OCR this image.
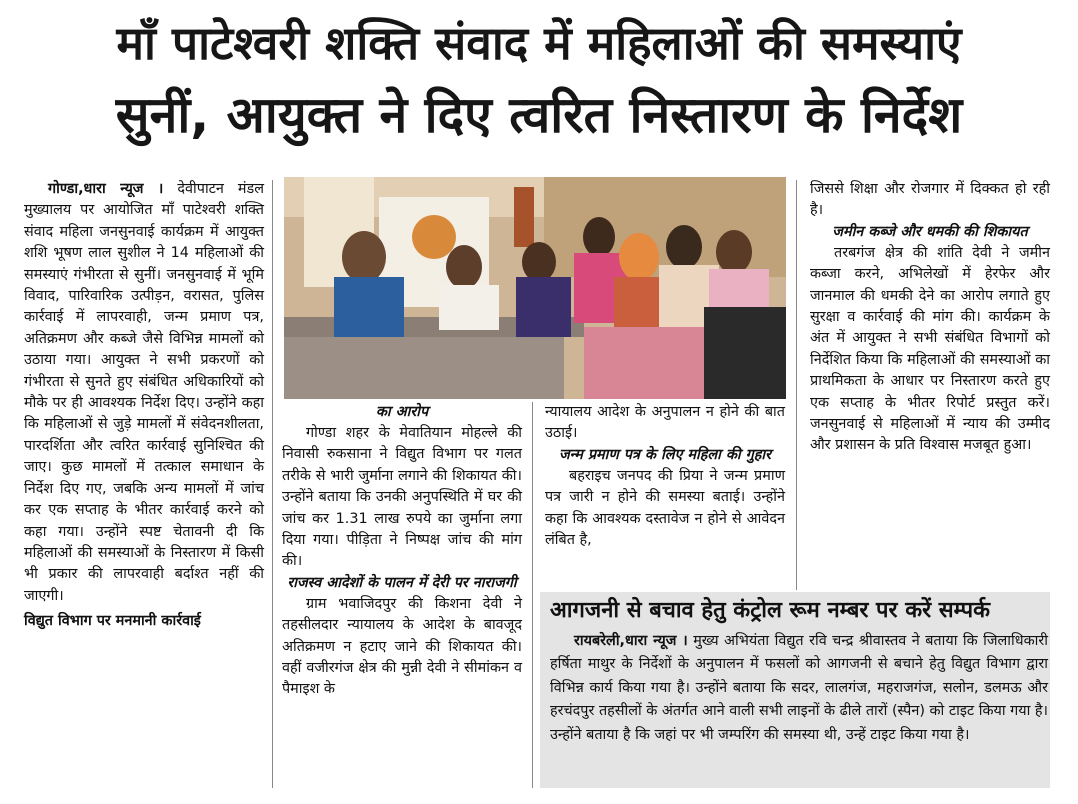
माँ पाटेश्वरी शक्ति संवाद में महिलाओं की समस्याएं
सुनीं, आयुक्त ने दिए त्वरित निस्तारण के निर्देश

गोण्डा,धारा न्यूज । देवीपाटन मंडल मुख्यालय पर आयोजित माँ पाटेश्वरी शक्ति संवाद महिला जनसुनवाई कार्यक्रम में आयुक्त शशि भूषण लाल सुशील ने 14 महिलाओं की समस्याएं गंभीरता से सुनीं। जनसुनवाई में भूमि विवाद, पारिवारिक उत्पीड़न, वरासत, पुलिस कार्रवाई में लापरवाही, जन्म प्रमाण पत्र, अतिक्रमण और कब्जे जैसे विभिन्न मामलों को उठाया गया। आयुक्त ने सभी प्रकरणों को गंभीरता से सुनते हुए संबंधित अधिकारियों को मौके पर ही आवश्यक निर्देश दिए। उन्होंने कहा कि महिलाओं से जुड़े मामलों में संवेदनशीलता, पारदर्शिता और त्वरित कार्रवाई सुनिश्चित की जाए। कुछ मामलों में तत्काल समाधान के निर्देश दिए गए, जबकि अन्य मामलों में जांच कर एक सप्ताह के भीतर कार्रवाई करने को कहा गया। उन्होंने स्पष्ट चेतावनी दी कि महिलाओं की समस्याओं के निस्तारण में किसी भी प्रकार की लापरवाही बर्दाश्त नहीं की जाएगी।

विद्युत विभाग पर मनमानी कार्रवाई

का आरोप

गोण्डा शहर के मेवातियान मोहल्ले की निवासी रुकसाना ने विद्युत विभाग पर गलत तरीके से भारी जुर्माना लगाने की शिकायत की। उन्होंने बताया कि उनकी अनुपस्थिति में घर की जांच कर 1.31 लाख रुपये का जुर्माना लगा दिया गया। पीड़िता ने निष्पक्ष जांच की मांग की।

राजस्व आदेशों के पालन में देरी पर नाराजगी

ग्राम भवाजिदपुर की किशना देवी ने तहसीलदार न्यायालय के आदेश के बावजूद अतिक्रमण न हटाए जाने की शिकायत की। वहीं वजीरगंज क्षेत्र की मुन्नी देवी ने सीमांकन व पैमाइश के

न्यायालय आदेश के अनुपालन न होने की बात उठाई।

जन्म प्रमाण पत्र के लिए महिला की गुहार

बहराइच जनपद की प्रिया ने जन्म प्रमाण पत्र जारी न होने की समस्या बताई। उन्होंने कहा कि आवश्यक दस्तावेज न होने से आवेदन लंबित है,

जिससे शिक्षा और रोजगार में दिक्कत हो रही है।

जमीन कब्जे और धमकी की शिकायत

तरबगंज क्षेत्र की शांति देवी ने जमीन कब्जा करने, अभिलेखों में हेरफेर और जानमाल की धमकी देने का आरोप लगाते हुए सुरक्षा व कार्रवाई की मांग की। कार्यक्रम के अंत में आयुक्त ने सभी संबंधित विभागों को निर्देशित किया कि महिलाओं की समस्याओं का प्राथमिकता के आधार पर निस्तारण करते हुए एक सप्ताह के भीतर रिपोर्ट प्रस्तुत करें। जनसुनवाई से महिलाओं में न्याय की उम्मीद और प्रशासन के प्रति विश्वास मजबूत हुआ।

आगजनी से बचाव हेतु कंट्रोल रूम नम्बर पर करें सम्पर्क

रायबरेली,धारा न्यूज । मुख्य अभियंता विद्युत रवि चन्द्र श्रीवास्तव ने बताया कि जिलाधिकारी हर्षिता माथुर के निर्देशों के अनुपालन में फसलों को आगजनी से बचाने हेतु विद्युत विभाग द्वारा विभिन्न कार्य किया गया है। उन्होंने बताया कि सदर, लालगंज, महराजगंज, सलोन, डलमऊ और हरचंदपुर तहसीलों के अंतर्गत आने वाली सभी लाइनों के ढीले तारों (स्पैन) को टाइट किया गया है। उन्होंने बताया है कि जहां पर भी जम्परिंग की समस्या थी, उन्हें टाइट किया गया है।
